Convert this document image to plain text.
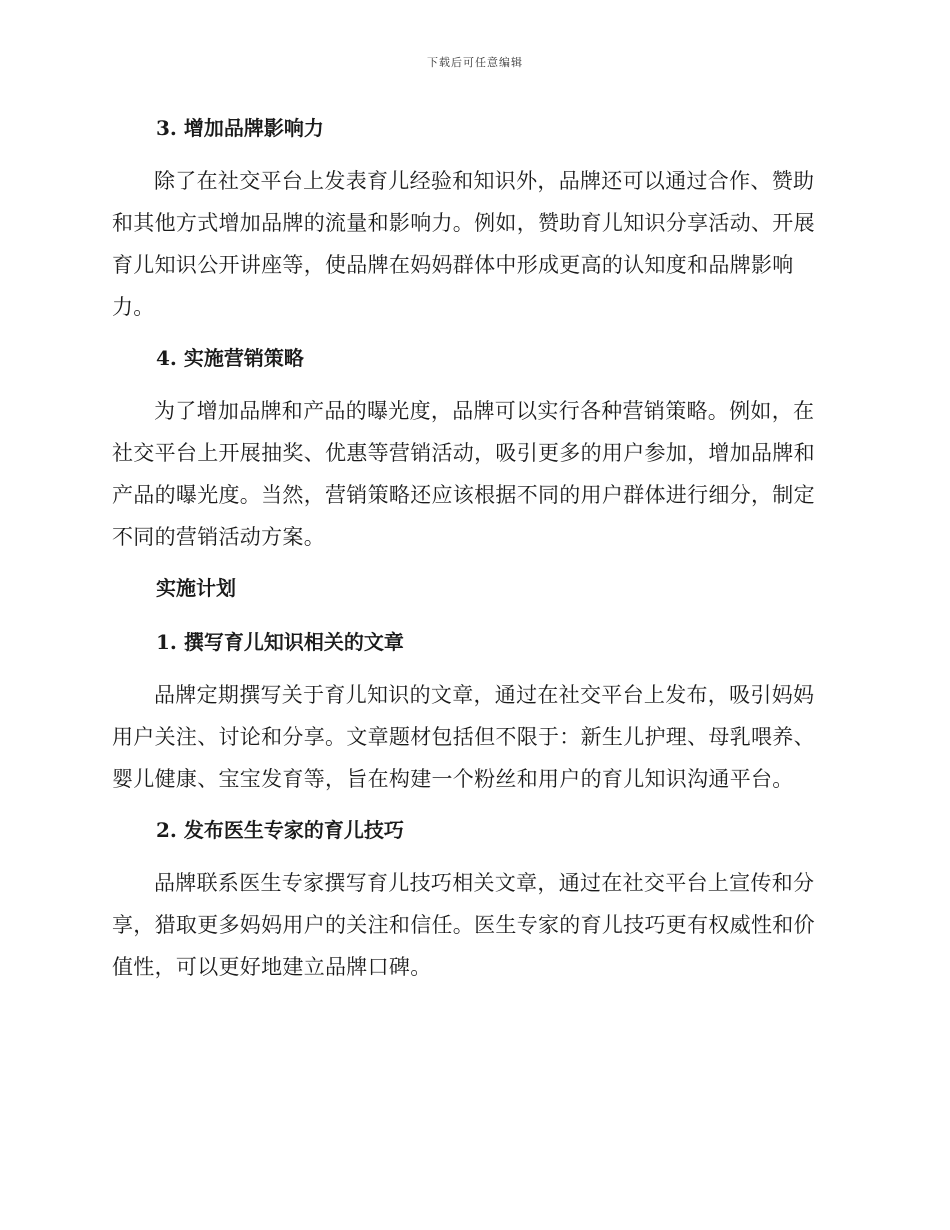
下载后可任意编辑
3. 增加品牌影响力

除了在社交平台上发表育儿经验和知识外，品牌还可以通过合作、赞助和其他方式增加品牌的流量和影响力。例如，赞助育儿知识分享活动、开展育儿知识公开讲座等，使品牌在妈妈群体中形成更高的认知度和品牌影响力。

4. 实施营销策略

为了增加品牌和产品的曝光度，品牌可以实行各种营销策略。例如，在社交平台上开展抽奖、优惠等营销活动，吸引更多的用户参加，增加品牌和产品的曝光度。当然，营销策略还应该根据不同的用户群体进行细分，制定不同的营销活动方案。

实施计划
1. 撰写育儿知识相关的文章

品牌定期撰写关于育儿知识的文章，通过在社交平台上发布，吸引妈妈用户关注、讨论和分享。文章题材包括但不限于：新生儿护理、母乳喂养、婴儿健康、宝宝发育等，旨在构建一个粉丝和用户的育儿知识沟通平台。

2. 发布医生专家的育儿技巧

品牌联系医生专家撰写育儿技巧相关文章，通过在社交平台上宣传和分享，猎取更多妈妈用户的关注和信任。医生专家的育儿技巧更有权威性和价值性，可以更好地建立品牌口碑。
